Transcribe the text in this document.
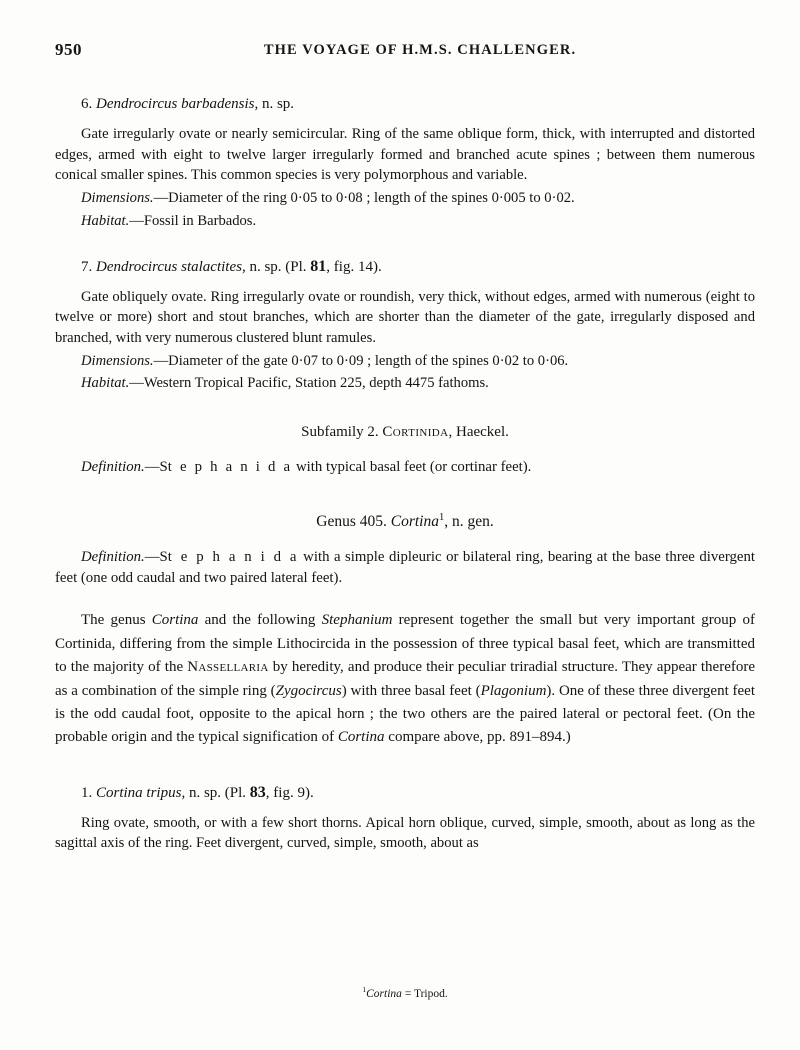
950	THE VOYAGE OF H.M.S. CHALLENGER.
6. Dendrocircus barbadensis, n. sp.

Gate irregularly ovate or nearly semicircular. Ring of the same oblique form, thick, with interrupted and distorted edges, armed with eight to twelve larger irregularly formed and branched acute spines ; between them numerous conical smaller spines. This common species is very polymorphous and variable.

Dimensions.—Diameter of the ring 0·05 to 0·08 ; length of the spines 0·005 to 0·02.

Habitat.—Fossil in Barbados.

7. Dendrocircus stalactites, n. sp. (Pl. 81, fig. 14).

Gate obliquely ovate. Ring irregularly ovate or roundish, very thick, without edges, armed with numerous (eight to twelve or more) short and stout branches, which are shorter than the diameter of the gate, irregularly disposed and branched, with very numerous clustered blunt ramules.

Dimensions.—Diameter of the gate 0·07 to 0·09 ; length of the spines 0·02 to 0·06.

Habitat.—Western Tropical Pacific, Station 225, depth 4475 fathoms.

Subfamily 2. Cortinida, Haeckel.

Definition.—St e p h a n i d a with typical basal feet (or cortinar feet).

Genus 405. Cortina$^1$, n. gen.

Definition.—St e p h a n i d a with a simple dipleuric or bilateral ring, bearing at the base three divergent feet (one odd caudal and two paired lateral feet).

The genus Cortina and the following Stephanium represent together the small but very important group of Cortinida, differing from the simple Lithocircida in the possession of three typical basal feet, which are transmitted to the majority of the Nassellaria by heredity, and produce their peculiar triradial structure. They appear therefore as a combination of the simple ring (Zygocircus) with three basal feet (Plagonium). One of these three divergent feet is the odd caudal foot, opposite to the apical horn ; the two others are the paired lateral or pectoral feet. (On the probable origin and the typical signification of Cortina compare above, pp. 891–894.)

1. Cortina tripus, n. sp. (Pl. 83, fig. 9).

Ring ovate, smooth, or with a few short thorns. Apical horn oblique, curved, simple, smooth, about as long as the sagittal axis of the ring. Feet divergent, curved, simple, smooth, about as

$^1$Cortina = Tripod.
